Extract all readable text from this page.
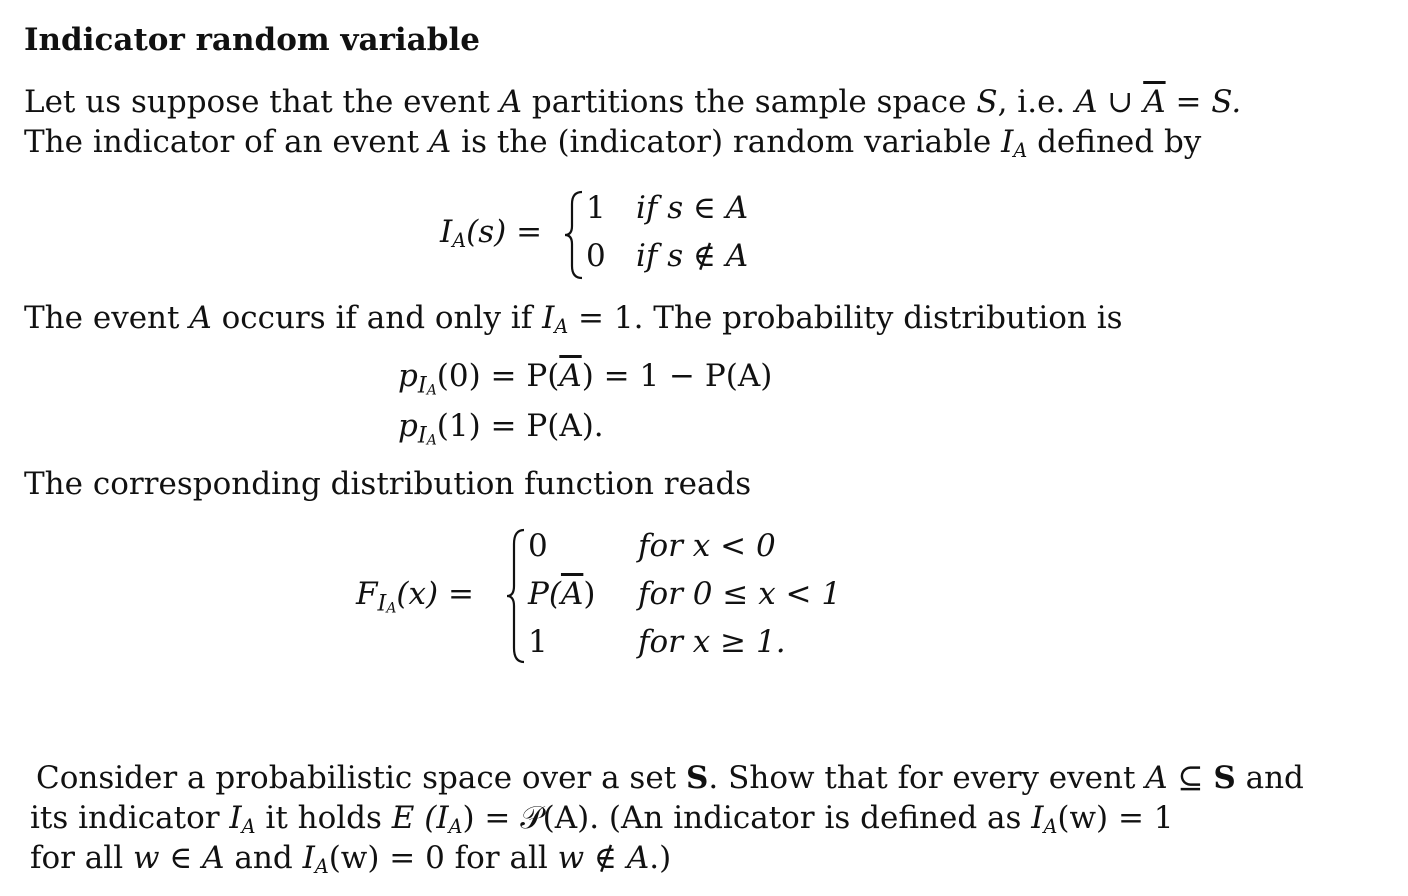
Indicator random variable
Let us suppose that the event A partitions the sample space S, i.e. A ∪ $\overline{A} = S$.
The indicator of an event A is the (indicator) random variable $I_A$ defined by
$I_A(s)$ =
1 if s ∈ A
0 if s ∉ A
The event A occurs if and only if $I_A = 1$. The probability distribution is
$p_{IA}(0) = P(\overline{A}) = 1 - P(A)$
$p_{IA}(1) = P(A)$.
The corresponding distribution function reads
$F_{IA}(x)$ =
0	for x < 0
$P(\overline{A})$ for 0 ≤ x < 1
1	for x ≥ 1.
Consider a probabilistic space over a set S. Show that for every event A ⊆ S and
its indicator $I_A$ it holds E $(I_A)$ = 𝒫(A). (An indicator is defined as $I_A(w) = 1$
for all w ∈ A and $I_A(w) = 0$ for all w ∉ A.)
